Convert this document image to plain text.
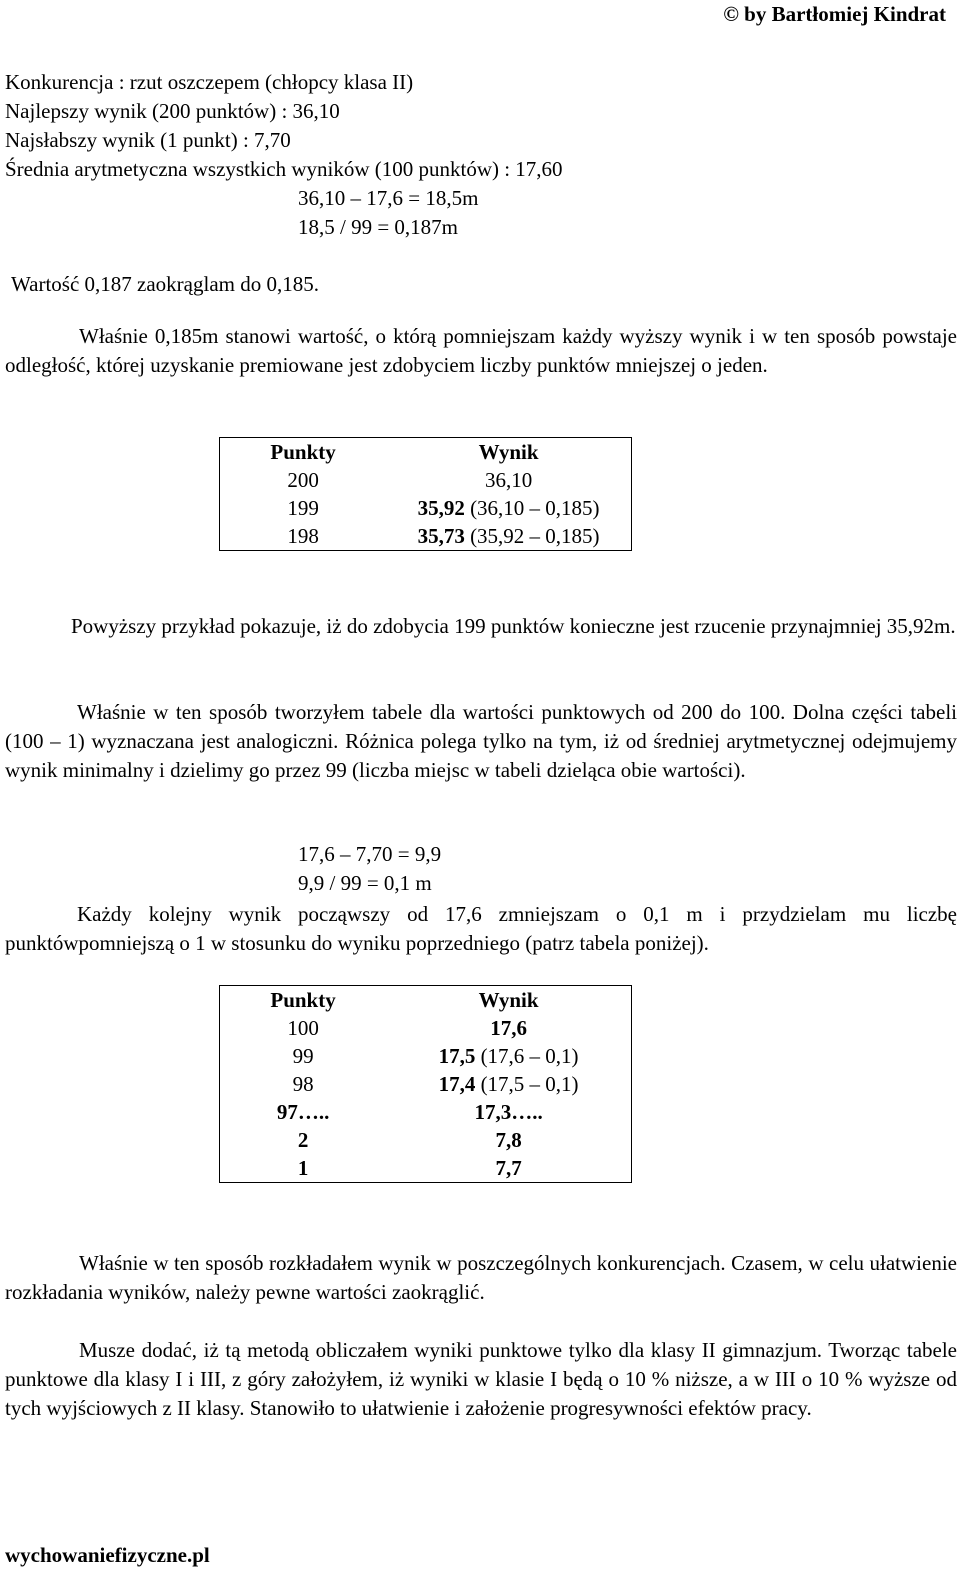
© by Bartłomiej Kindrat
Konkurencja : rzut oszczepem (chłopcy klasa II)
Najlepszy wynik (200 punktów) : 36,10
Najsłabszy wynik (1 punkt) : 7,70
Średnia arytmetyczna wszystkich wyników (100 punktów) : 17,60
36,10 – 17,6 = 18,5m
18,5 / 99 = 0,187m
Wartość 0,187 zaokrąglam do 0,185.
Właśnie 0,185m stanowi wartość, o którą pomniejszam każdy wyższy wynik i w ten sposób powstaje odległość, której uzyskanie premiowane jest zdobyciem liczby punktów mniejszej o jeden.
Punkty	Wynik
200	36,10
199	35,92 (36,10 – 0,185)
198	35,73 (35,92 – 0,185)
Powyższy przykład pokazuje, iż do zdobycia 199 punktów konieczne jest rzucenie przynajmniej 35,92m.
Właśnie w ten sposób tworzyłem tabele dla wartości punktowych od 200 do 100. Dolna części tabeli (100 – 1) wyznaczana jest analogiczni. Różnica polega tylko na tym, iż od średniej arytmetycznej odejmujemy wynik minimalny i dzielimy go przez 99 (liczba miejsc w tabeli dzieląca obie wartości).
17,6 – 7,70 = 9,9
9,9 / 99 = 0,1 m
Każdy kolejny wynik począwszy od 17,6 zmniejszam o 0,1 m i przydzielam mu liczbę punktówpomniejszą o 1 w stosunku do wyniku poprzedniego (patrz tabela poniżej).
Punkty	Wynik
100	17,6
99	17,5 (17,6 – 0,1)
98	17,4 (17,5 – 0,1)
97…..	17,3…..
2	7,8
1	7,7
Właśnie w ten sposób rozkładałem wynik w poszczególnych konkurencjach. Czasem, w celu ułatwienie rozkładania wyników, należy pewne wartości zaokrąglić.
Musze dodać, iż tą metodą obliczałem wyniki punktowe tylko dla klasy II gimnazjum. Tworząc tabele punktowe dla klasy I i III, z góry założyłem, iż wyniki w klasie I będą o 10 % niższe, a w III o 10 % wyższe od tych wyjściowych z II klasy. Stanowiło to ułatwienie i założenie progresywności efektów pracy.
wychowaniefizyczne.pl
